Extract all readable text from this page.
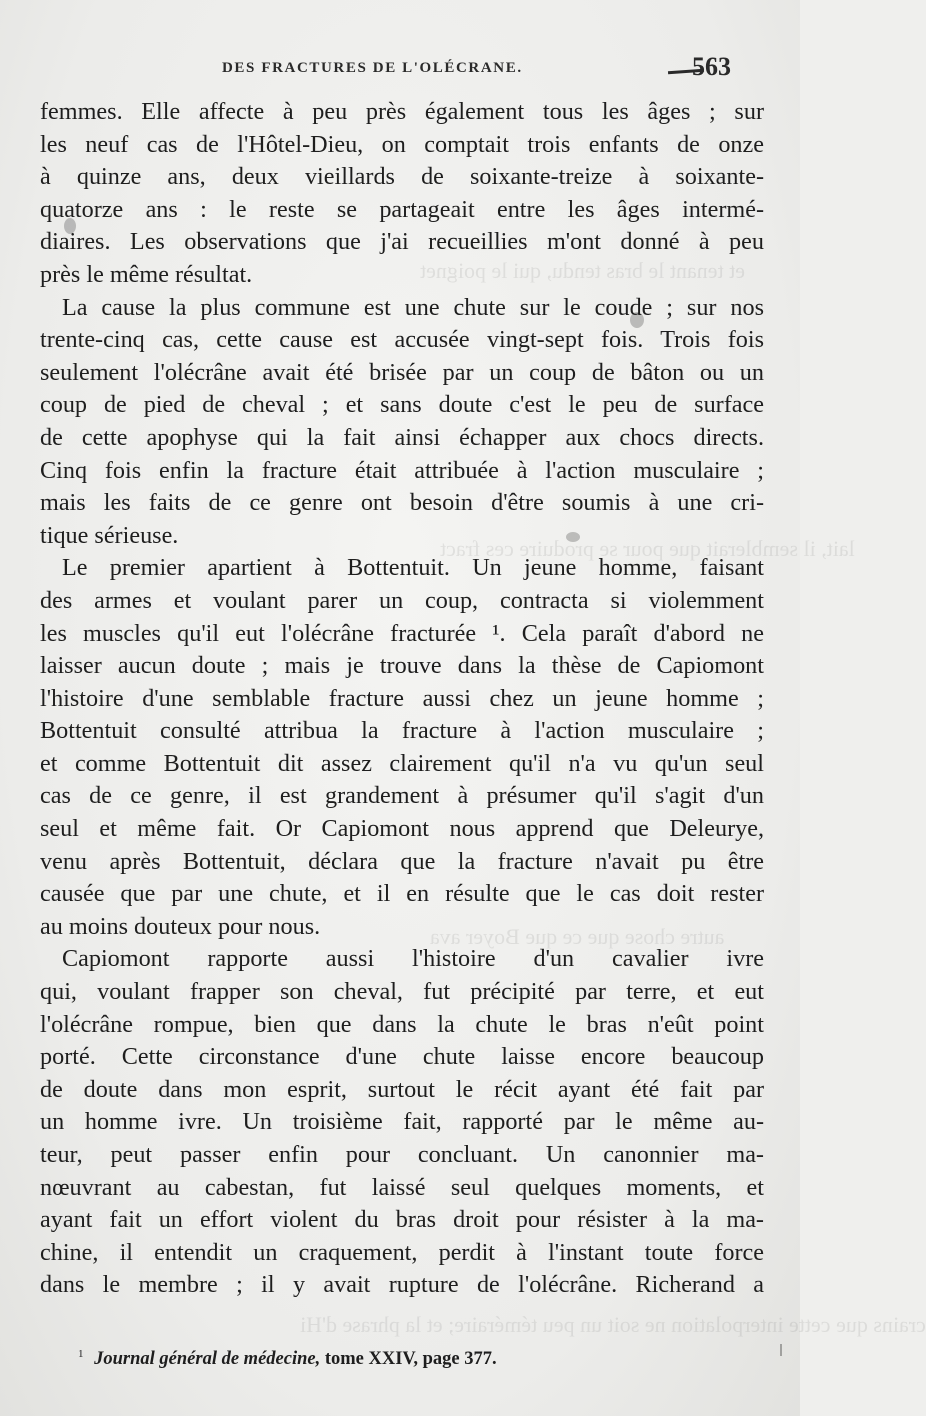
et tenant le bras tendu, qui le poignet
lait, il semblerait que pour se produire ces fract
autre chose que ce que Boyer ava
crains que cette interpolation ne soit un peu téméraire; et la phrase d'Hi
DES FRACTURES DE L'OLÉCRANE.	563
femmes. Elle affecte à peu près également tous les âges ; sur
les neuf cas de l'Hôtel-Dieu, on comptait trois enfants de onze
à quinze ans, deux vieillards de soixante-treize à soixante-
quatorze ans : le reste se partageait entre les âges intermé-
diaires. Les observations que j'ai recueillies m'ont donné à peu
près le même résultat.
La cause la plus commune est une chute sur le coude ; sur nos
trente-cinq cas, cette cause est accusée vingt-sept fois. Trois fois
seulement l'olécrâne avait été brisée par un coup de bâton ou un
coup de pied de cheval ; et sans doute c'est le peu de surface
de cette apophyse qui la fait ainsi échapper aux chocs directs.
Cinq fois enfin la fracture était attribuée à l'action musculaire ;
mais les faits de ce genre ont besoin d'être soumis à une cri-
tique sérieuse.
Le premier apartient à Bottentuit. Un jeune homme, faisant
des armes et voulant parer un coup, contracta si violemment
les muscles qu'il eut l'olécrâne fracturée ¹. Cela paraît d'abord ne
laisser aucun doute ; mais je trouve dans la thèse de Capiomont
l'histoire d'une semblable fracture aussi chez un jeune homme ;
Bottentuit consulté attribua la fracture à l'action musculaire ;
et comme Bottentuit dit assez clairement qu'il n'a vu qu'un seul
cas de ce genre, il est grandement à présumer qu'il s'agit d'un
seul et même fait. Or Capiomont nous apprend que Deleurye,
venu après Bottentuit, déclara que la fracture n'avait pu être
causée que par une chute, et il en résulte que le cas doit rester
au moins douteux pour nous.
Capiomont rapporte aussi l'histoire d'un cavalier ivre
qui, voulant frapper son cheval, fut précipité par terre, et eut
l'olécrâne rompue, bien que dans la chute le bras n'eût point
porté. Cette circonstance d'une chute laisse encore beaucoup
de doute dans mon esprit, surtout le récit ayant été fait par
un homme ivre. Un troisième fait, rapporté par le même au-
teur, peut passer enfin pour concluant. Un canonnier ma-
nœuvrant au cabestan, fut laissé seul quelques moments, et
ayant fait un effort violent du bras droit pour résister à la ma-
chine, il entendit un craquement, perdit à l'instant toute force
dans le membre ; il y avait rupture de l'olécrâne. Richerand a
$^1$ Journal général de médecine, tome XXIV, page 377.
